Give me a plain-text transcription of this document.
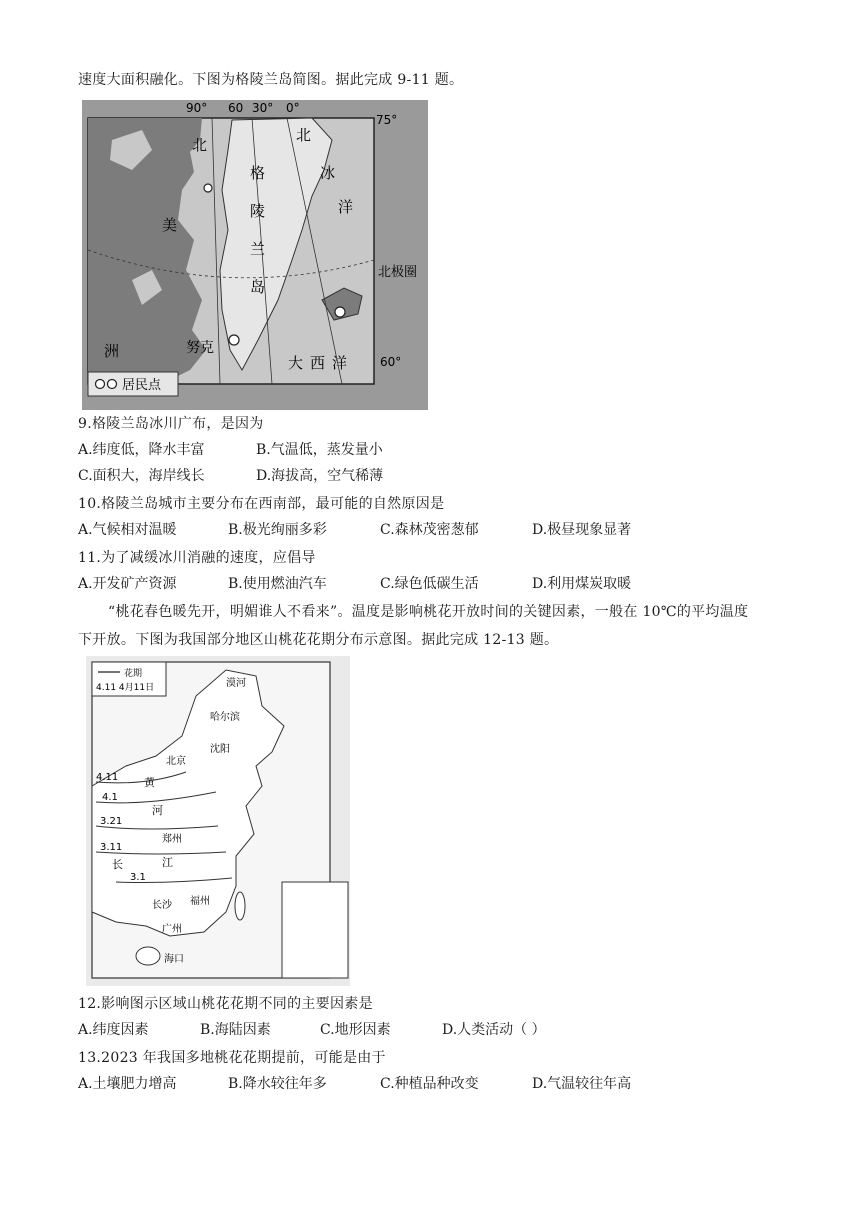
速度大面积融化。下图为格陵兰岛简图。据此完成 9-11 题。
居民点
90° 60 30° 0°
75°
60°
北
美
洲
格
陵
兰
岛
北
冰
洋
北极圈
努克
大 西 洋
9.格陵兰岛冰川广布，是因为
A.纬度低，降水丰富	B.气温低，蒸发量小
C.面积大，海岸线长	D.海拔高，空气稀薄
10.格陵兰岛城市主要分布在西南部，最可能的自然原因是
A.气候相对温暖	B.极光绚丽多彩	C.森林茂密葱郁	D.极昼现象显著
11.为了减缓冰川消融的速度，应倡导
A.开发矿产资源	B.使用燃油汽车	C.绿色低碳生活	D.利用煤炭取暖
“桃花春色暖先开，明媚谁人不看来”。温度是影响桃花开放时间的关键因素，一般在 10℃的平均温度
下开放。下图为我国部分地区山桃花花期分布示意图。据此完成 12-13 题。
花期
4.11 4月11日
4.11
4.1
3.21
3.11
3.1
漠河
哈尔滨
沈阳
北京
郑州
长沙 福州
广州
海口
黄
河
江
长
12.影响图示区域山桃花花期不同的主要因素是
A.纬度因素	B.海陆因素	C.地形因素	D.人类活动（ ）
13.2023 年我国多地桃花花期提前，可能是由于
A.土壤肥力增高	B.降水较往年多	C.种植品种改变	D.气温较往年高
